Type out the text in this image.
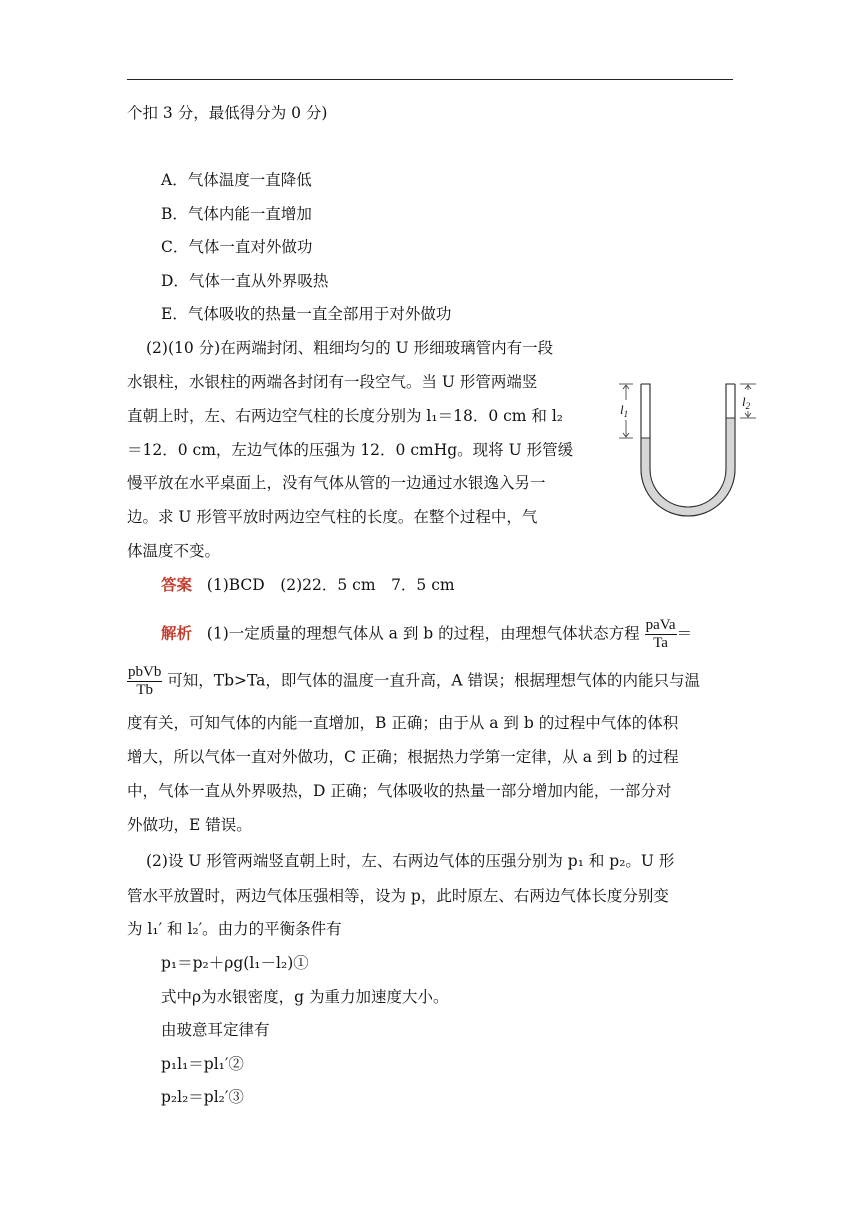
个扣 3 分，最低得分为 0 分)
A．气体温度一直降低
B．气体内能一直增加
C．气体一直对外做功
D．气体一直从外界吸热
E．气体吸收的热量一直全部用于对外做功
(2)(10 分)在两端封闭、粗细均匀的 U 形细玻璃管内有一段
水银柱，水银柱的两端各封闭有一段空气。当 U 形管两端竖
直朝上时，左、右两边空气柱的长度分别为 l₁＝18．0 cm 和 l₂
＝12．0 cm，左边气体的压强为 12．0 cmHg。现将 U 形管缓
慢平放在水平桌面上，没有气体从管的一边通过水银逸入另一
边。求 U 形管平放时两边空气柱的长度。在整个过程中，气
体温度不变。
$l_1$
$l_2$
答案 (1)BCD　(2)22．5 cm　7．5 cm
解析 (1)一定质量的理想气体从 a 到 b 的过程，由理想气体状态方程 $\frac{\text{paVa}}{Ta}$ ＝
$\frac{\text{pbVb}}{Tb}$ 可知，Tb>Ta，即气体的温度一直升高，A 错误；根据理想气体的内能只与温
度有关，可知气体的内能一直增加，B 正确；由于从 a 到 b 的过程中气体的体积
增大，所以气体一直对外做功，C 正确；根据热力学第一定律，从 a 到 b 的过程
中，气体一直从外界吸热，D 正确；气体吸收的热量一部分增加内能，一部分对
外做功，E 错误。
(2)设 U 形管两端竖直朝上时，左、右两边气体的压强分别为 p₁ 和 p₂。U 形
管水平放置时，两边气体压强相等，设为 p，此时原左、右两边气体长度分别变
为 l₁′ 和 l₂′。由力的平衡条件有
p₁＝p₂＋ρg(l₁－l₂)①
式中ρ为水银密度，g 为重力加速度大小。
由玻意耳定律有
p₁l₁＝pl₁′②
p₂l₂＝pl₂′③
